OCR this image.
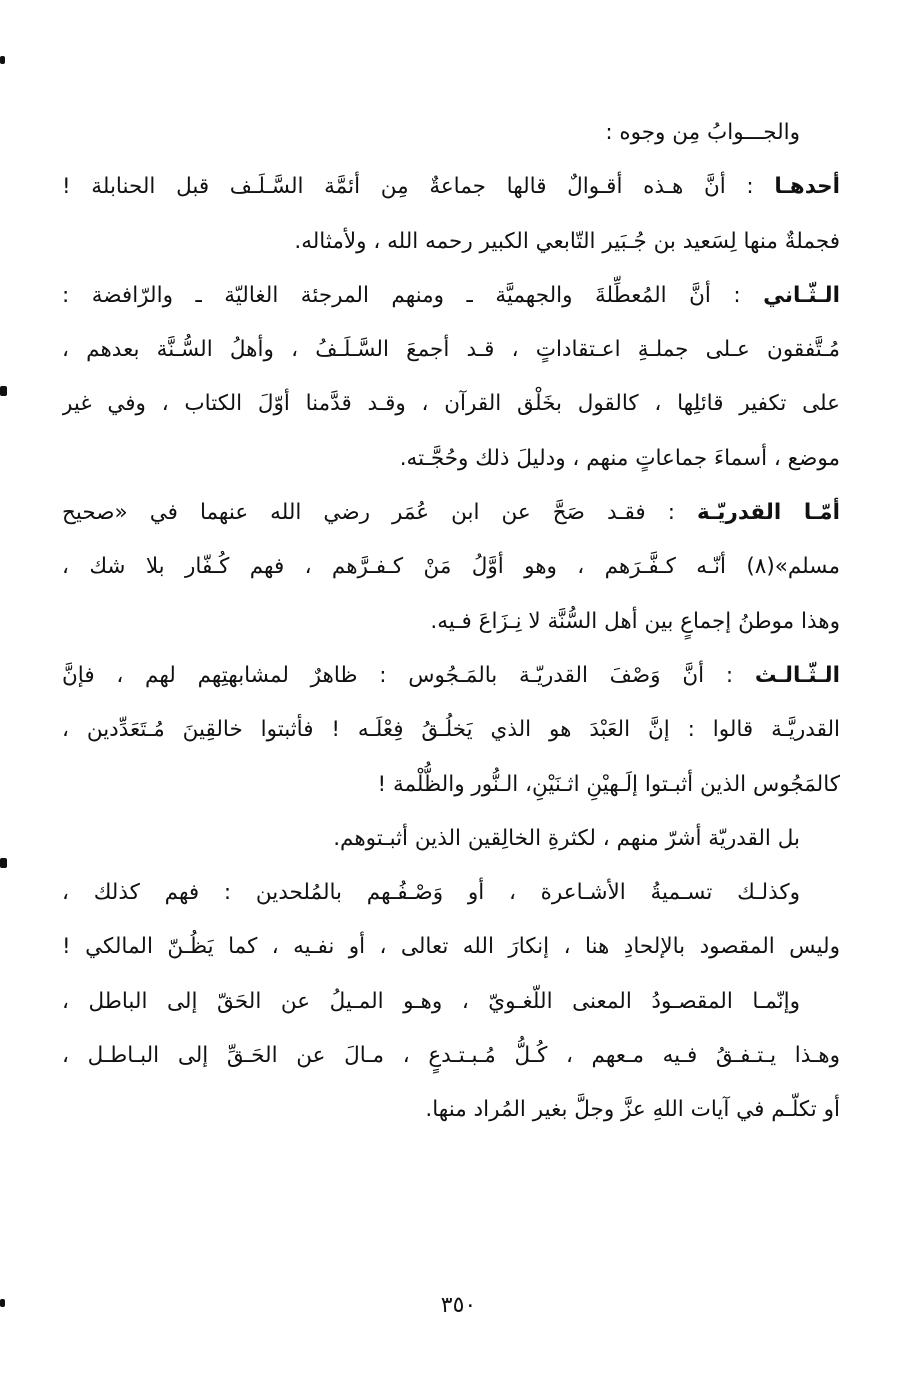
والجـــوابُ مِن وجوه :
أحدهـا : أنَّ هـذه أقـوالٌ قالها جماعةٌ مِن أئمَّة السَّـلَـف قبل الحنابلة !
فجملةٌ منها لِسَعيد بن جُـبَير التّابعي الكبير رحمه الله ، ولأمثاله.
الـثّـاني : أنَّ المُعطِّلةَ والجهميَّة ـ ومنهم المرجئة الغاليّة ـ والرّافضة :
مُـتَّفقون عـلى جملـةِ اعـتقاداتٍ ، قـد أجمعَ السَّـلَـفُ ، وأهلُ السُّـنَّة بعدهم ،
على تكفير قائلِها ، كالقول بخَلْق القرآن ، وقـد قدَّمنا أوّلَ الكتاب ، وفي غير
موضع ، أسماءَ جماعاتٍ منهم ، ودليلَ ذلك وحُجَّـته.
أمّـا القدريّـة : فقـد صَحَّ عن ابن عُمَر رضي الله عنهما في «صحيح
مسلم»(٨) أنّـه كـفَّـرَهم ، وهو أوَّلُ مَنْ كـفـرَّهم ، فهم كُـفّار بلا شك ،
وهذا موطنُ إجماعٍ بين أهل السُّنَّة لا نِـزَاعَ فـيه.
الـثّـالـث : أنَّ وَصْفَ القدريّـة بالمَـجُوس : ظاهرٌ لمشابهتِهم لهم ، فإنَّ
القدريَّـة قالوا : إنَّ العَبْدَ هو الذي يَخلُـقُ فِعْلَـه ! فأثبتوا خالقِينَ مُـتَعَدِّدين ،
كالمَجُوس الذين أثبـتوا إلَـهيْنِ اثـنَيْنِ، الـنُّور والظُّلْمة !
بل القدريّة أشرّ منهم ، لكثرةِ الخالِقين الذين أثبـتوهم.
وكذلـك تسـميةُ الأشـاعرة ، أو وَصْـفُـهم بالمُلحدين : فهم كذلك ،
وليس المقصود بالإلحادِ هنا ، إنكارَ الله تعالى ، أو نفـيه ، كما يَظُـنّ المالكي !
وإنّمـا المقصـودُ المعنى اللّغـويّ ، وهـو المـيلُ عن الحَقّ إلى الباطل ،
وهـذا يـتـفـقُ فـيه مـعهم ، كُـلُّ مُـبـتـدعٍ ، مـالَ عن الحَـقِّ إلى البـاطـل ،
أو تكلّـم في آيات اللهِ عزَّ وجلَّ بغير المُراد منها.
٣٥٠
